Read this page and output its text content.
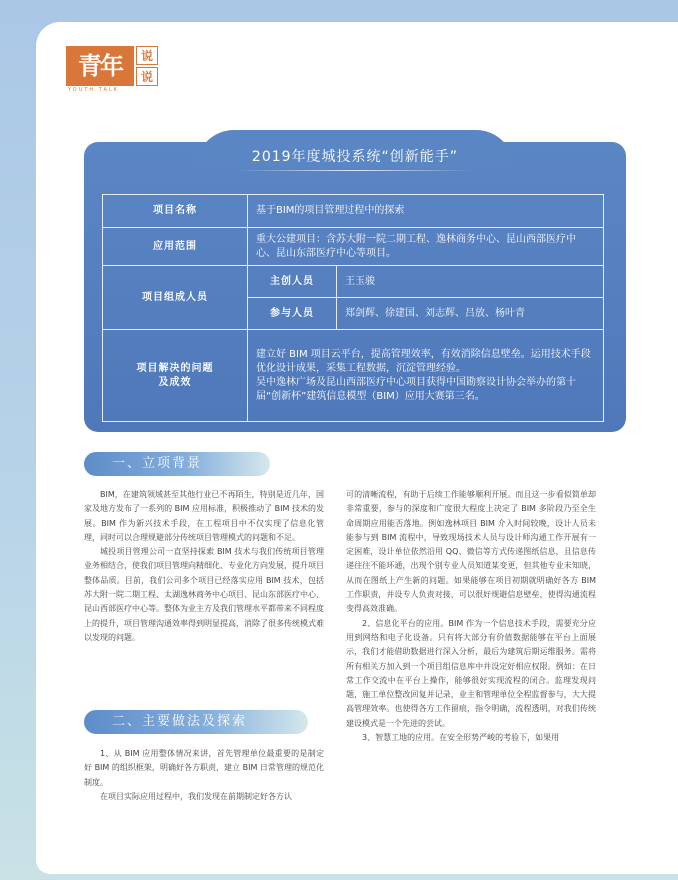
青年	说
说
YOUTH TALK
2019年度城投系统“创新能手”
项目名称	基于BIM的项目管理过程中的探索	
应用范围	重大公建项目：含苏大附一院二期工程、逸林商务中心、昆山西部医疗中心、昆山东部医疗中心等项目。	
项目组成人员	主创人员	王玉骏
	参与人员	郑剑辉、徐建国、刘志辉、吕放、杨叶青

项目解决的问题
及成效	建立好 BIM 项目云平台，提高管理效率，有效消除信息壁垒。运用技术手段优化设计成果，采集工程数据，沉淀管理经验。
吴中逸林广场及昆山西部医疗中心项目获得中国勘察设计协会举办的第十届“创新杯”建筑信息模型（BIM）应用大赛第三名。	
一、立项背景

BIM，在建筑领域甚至其他行业已不再陌生，特别是近几年，国家及地方发布了一系列的 BIM 应用标准，积极推动了 BIM 技术的发展。BIM 作为新兴技术手段，在工程项目中不仅实现了信息化管理，同时可以合理规避部分传统项目管理模式的问题和不足。

城投项目管理公司一直坚持探索 BIM 技术与我们传统项目管理业务相结合，使我们项目管理向精细化、专业化方向发展，提升项目整体品质。目前，我们公司多个项目已经落实应用 BIM 技术，包括苏大附一院二期工程、太湖逸林商务中心项目、昆山东部医疗中心、昆山西部医疗中心等。整体为业主方及我们管理水平都带来不同程度上的提升，项目管理沟通效率得到明显提高，消除了很多传统模式难以发现的问题。

二、主要做法及探索

1、从 BIM 应用整体情况来讲，首先管理单位最重要的是制定好 BIM 的组织框架，明确好各方职责，建立 BIM 日常管理的规范化制度。

在项目实际应用过程中，我们发现在前期制定好各方认

可的清晰流程，有助于后续工作能够顺利开展。而且这一步看似简单却非常重要，参与的深度和广度很大程度上决定了 BIM 多阶段乃至全生命周期应用能否落地。例如逸林项目 BIM 介入时间较晚，设计人员未能参与到 BIM 流程中，导致现场技术人员与设计师沟通工作开展有一定困难，设计单位依然沿用 QQ、微信等方式传递图纸信息，且信息传递往往不能环通，出现个别专业人员知道某变更，但其他专业未知晓，从而在图纸上产生新的问题。如果能够在项目初期就明确好各方 BIM 工作职责，并设专人负责对接，可以很好规避信息壁垒，使得沟通流程变得高效准确。

2、信息化平台的应用。BIM 作为一个信息技术手段，需要充分应用到网络和电子化设备。只有将大部分有价值数据能够在平台上面展示，我们才能借助数据进行深入分析，最后为建筑后期运维服务。需将所有相关方加入到一个项目组信息库中并设定好相应权限。例如：在日常工作交流中在平台上操作，能够很好实现流程的闭合。监理发现问题，施工单位整改回复并记录，业主和管理单位全程监督参与，大大提高管理效率。也使得各方工作留痕，指令明确，流程透明，对我们传统建设模式是一个先进的尝试。

3、智慧工地的应用。在安全形势严峻的考验下，如果用
